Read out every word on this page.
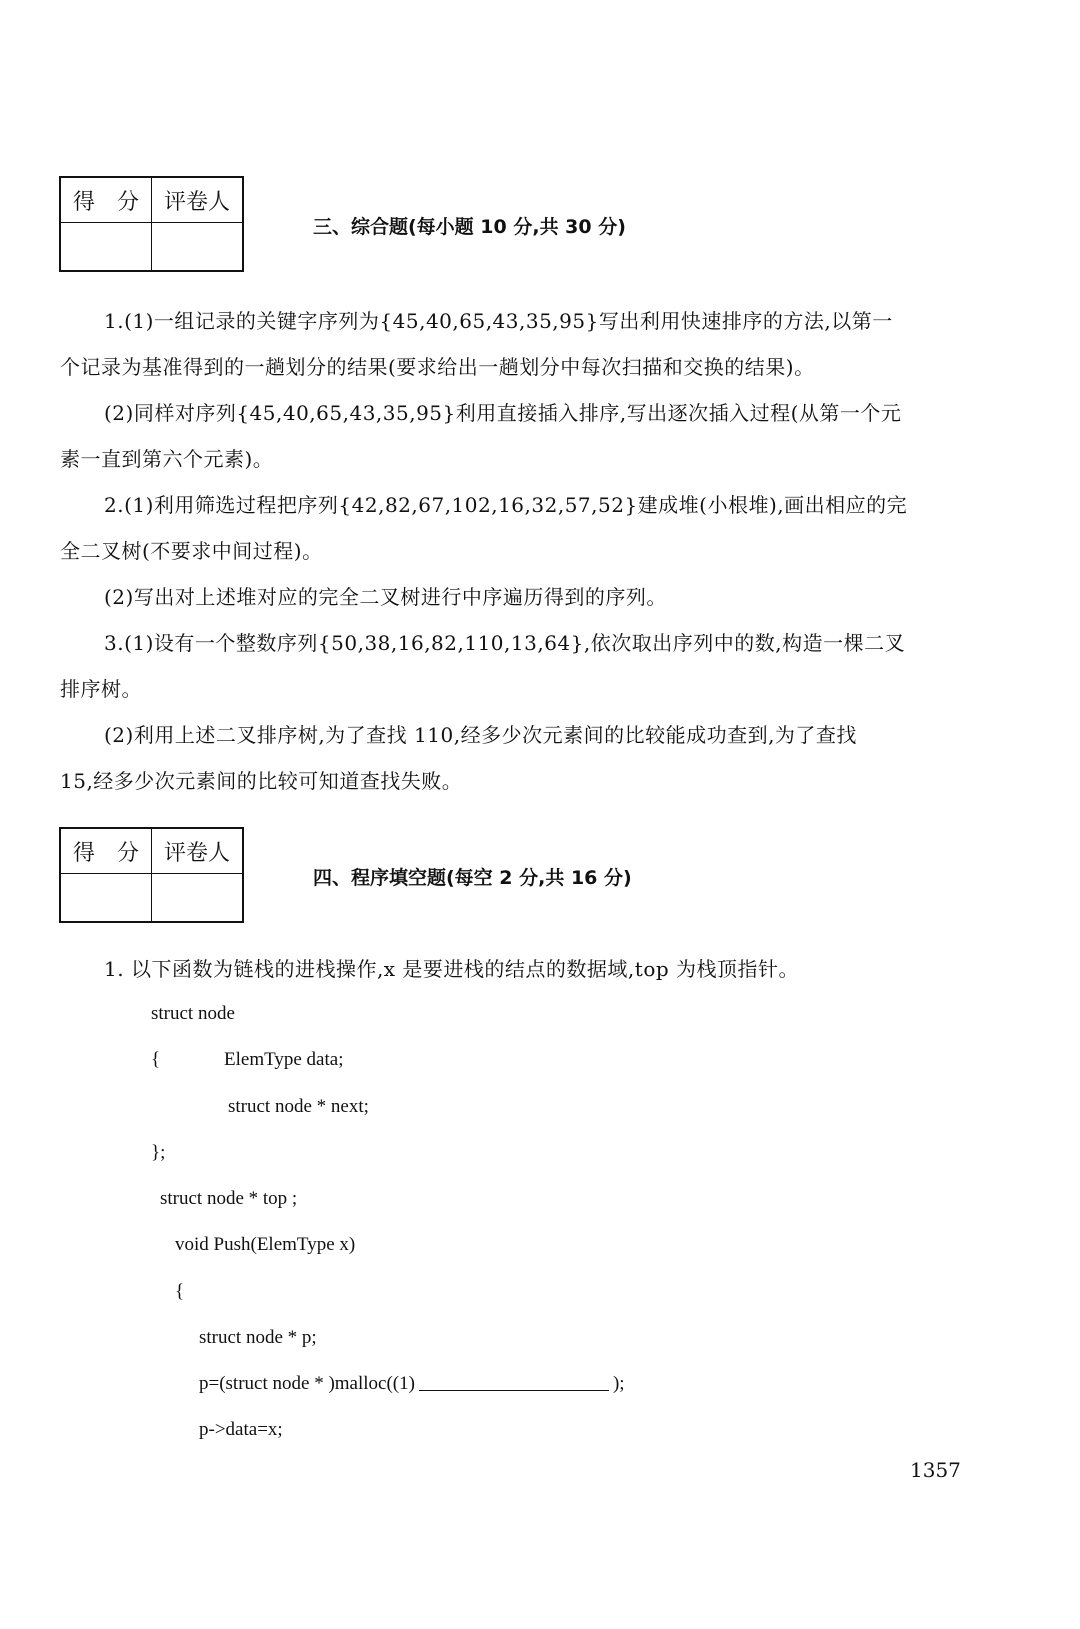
得　分	评卷人

三、综合题(每小题 10 分,共 30 分)
1.(1)一组记录的关键字序列为{45,40,65,43,35,95}写出利用快速排序的方法,以第一
个记录为基准得到的一趟划分的结果(要求给出一趟划分中每次扫描和交换的结果)。
(2)同样对序列{45,40,65,43,35,95}利用直接插入排序,写出逐次插入过程(从第一个元
素一直到第六个元素)。
2.(1)利用筛选过程把序列{42,82,67,102,16,32,57,52}建成堆(小根堆),画出相应的完
全二叉树(不要求中间过程)。
(2)写出对上述堆对应的完全二叉树进行中序遍历得到的序列。
3.(1)设有一个整数序列{50,38,16,82,110,13,64},依次取出序列中的数,构造一棵二叉
排序树。
(2)利用上述二叉排序树,为了查找 110,经多少次元素间的比较能成功查到,为了查找
15,经多少次元素间的比较可知道查找失败。
得　分	评卷人

四、程序填空题(每空 2 分,共 16 分)
1. 以下函数为链栈的进栈操作,x 是要进栈的结点的数据域,top 为栈顶指针。
struct node
{	ElemType data;
struct node * next;
};
struct node * top ;
void Push(ElemType x)
{
struct node * p;
p=(struct node * )malloc((1)	);
p->data=x;
1357
